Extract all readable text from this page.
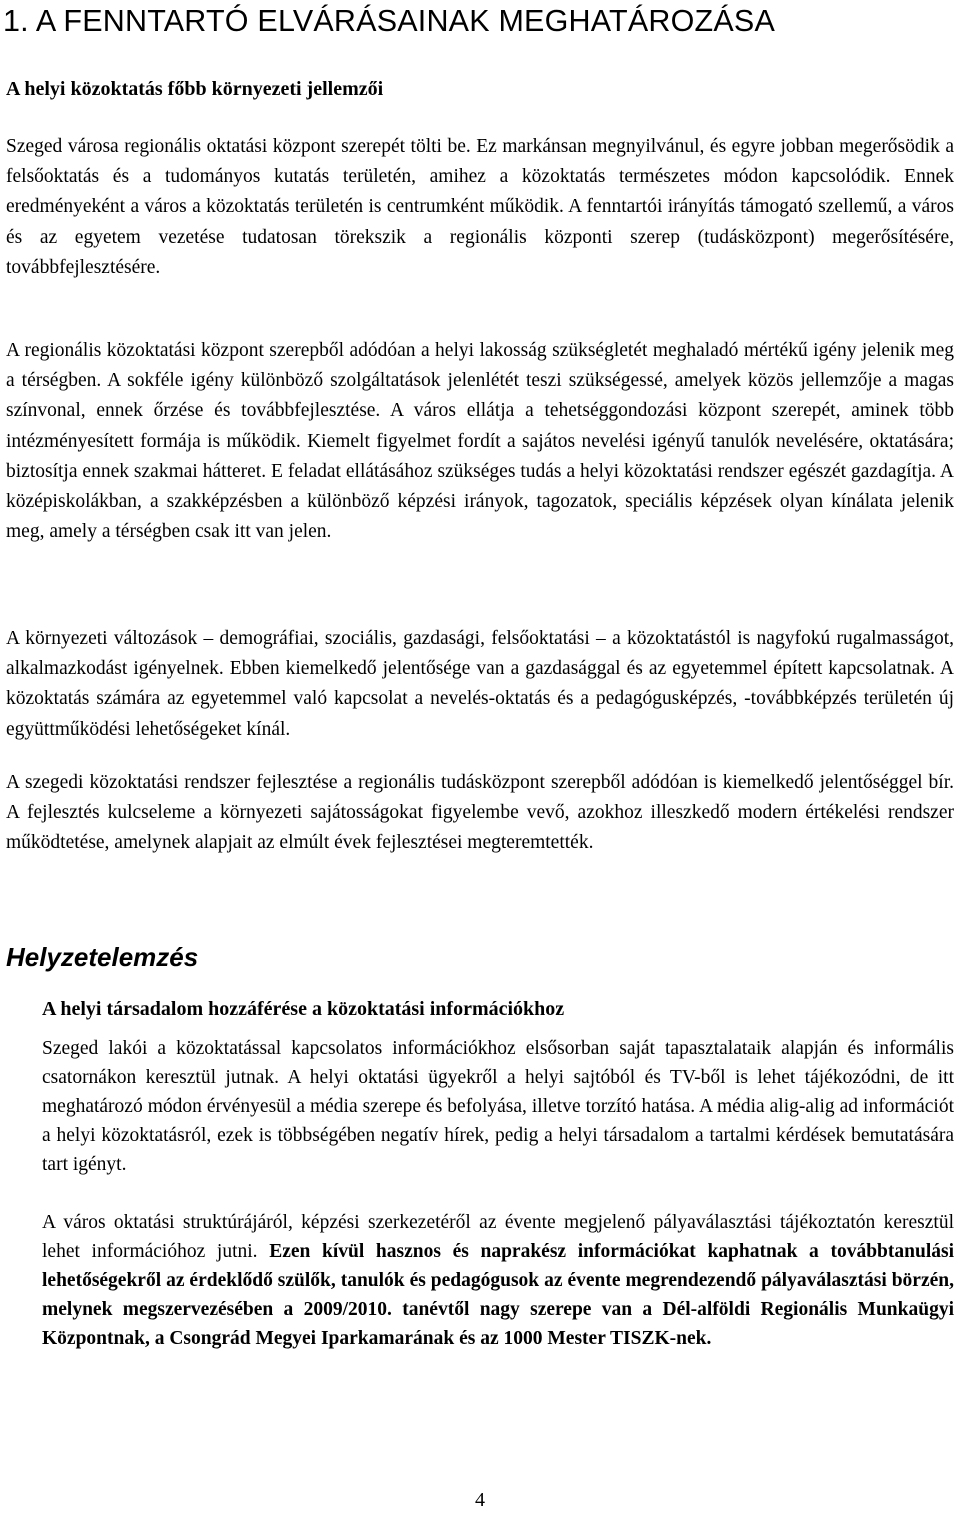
1. A FENNTARTÓ ELVÁRÁSAINAK MEGHATÁROZÁSA
A helyi közoktatás főbb környezeti jellemzői

Szeged városa regionális oktatási központ szerepét tölti be. Ez markánsan megnyilvánul, és egyre jobban megerősödik a felsőoktatás és a tudományos kutatás területén, amihez a közoktatás természetes módon kapcsolódik. Ennek eredményeként a város a közoktatás területén is centrumként működik. A fenntartói irányítás támogató szellemű, a város és az egyetem vezetése tudatosan törekszik a regionális központi szerep (tudásközpont) megerősítésére, továbbfejlesztésére.

A regionális közoktatási központ szerepből adódóan a helyi lakosság szükségletét meghaladó mértékű igény jelenik meg a térségben. A sokféle igény különböző szolgáltatások jelenlétét teszi szükségessé, amelyek közös jellemzője a magas színvonal, ennek őrzése és továbbfejlesztése. A város ellátja a tehetséggondozási központ szerepét, aminek több intézményesített formája is működik. Kiemelt figyelmet fordít a sajátos nevelési igényű tanulók nevelésére, oktatására; biztosítja ennek szakmai hátteret. E feladat ellátásához szükséges tudás a helyi közoktatási rendszer egészét gazdagítja. A középiskolákban, a szakképzésben a különböző képzési irányok, tagozatok, speciális képzések olyan kínálata jelenik meg, amely a térségben csak itt van jelen.

A környezeti változások – demográfiai, szociális, gazdasági, felsőoktatási – a közoktatástól is nagyfokú rugalmasságot, alkalmazkodást igényelnek. Ebben kiemelkedő jelentősége van a gazdasággal és az egyetemmel épített kapcsolatnak. A közoktatás számára az egyetemmel való kapcsolat a nevelés-oktatás és a pedagógusképzés, -továbbképzés területén új együttműködési lehetőségeket kínál.

A szegedi közoktatási rendszer fejlesztése a regionális tudásközpont szerepből adódóan is kiemelkedő jelentőséggel bír. A fejlesztés kulcseleme a környezeti sajátosságokat figyelembe vevő, azokhoz illeszkedő modern értékelési rendszer működtetése, amelynek alapjait az elmúlt évek fejlesztései megteremtették.

Helyzetelemzés
A helyi társadalom hozzáférése a közoktatási információkhoz

Szeged lakói a közoktatással kapcsolatos információkhoz elsősorban saját tapasztalataik alapján és informális csatornákon keresztül jutnak. A helyi oktatási ügyekről a helyi sajtóból és TV-ből is lehet tájékozódni, de itt meghatározó módon érvényesül a média szerepe és befolyása, illetve torzító hatása. A média alig-alig ad információt a helyi közoktatásról, ezek is többségében negatív hírek, pedig a helyi társadalom a tartalmi kérdések bemutatására tart igényt.

A város oktatási struktúrájáról, képzési szerkezetéről az évente megjelenő pályaválasztási tájékoztatón keresztül lehet információhoz jutni. Ezen kívül hasznos és naprakész információkat kaphatnak a továbbtanulási lehetőségekről az érdeklődő szülők, tanulók és pedagógusok az évente megrendezendő pályaválasztási börzén, melynek megszervezésében a 2009/2010. tanévtől nagy szerepe van a Dél-alföldi Regionális Munkaügyi Központnak, a Csongrád Megyei Iparkamarának és az 1000 Mester TISZK-nek.

4
